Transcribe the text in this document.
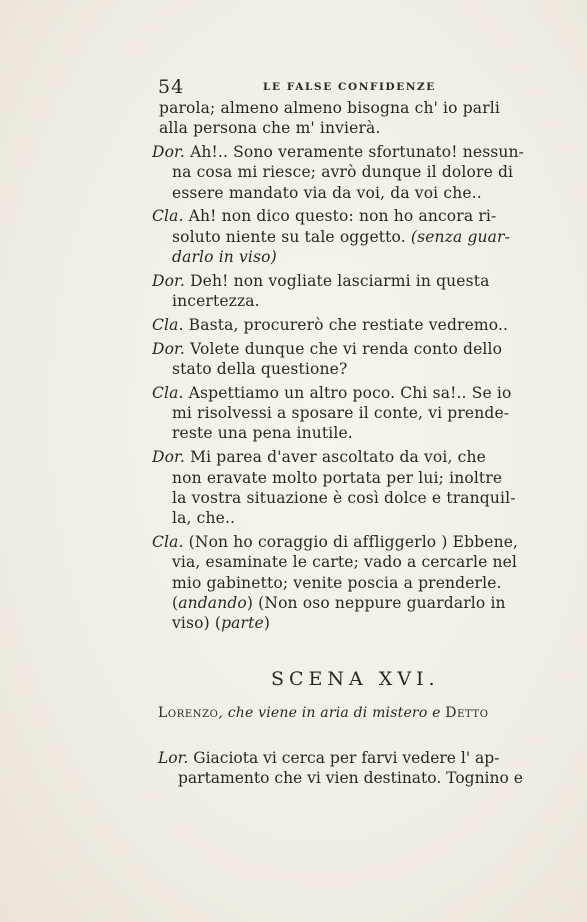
54	LE FALSE CONFIDENZE
parola; almeno almeno bisogna ch' io parli
alla persona che m' invierà.
Dor. Ah!.. Sono veramente sfortunato! nessun-
na cosa mi riesce; avrò dunque il dolore di
essere mandato via da voi, da voi che..
Cla. Ah! non dico questo: non ho ancora ri-
soluto niente su tale oggetto. (senza guar-
darlo in viso)
Dor. Deh! non vogliate lasciarmi in questa
incertezza.
Cla. Basta, procurerò che restiate vedremo..
Dor. Volete dunque che vi renda conto dello
stato della questione?
Cla. Aspettiamo un altro poco. Chi sa!.. Se io
mi risolvessi a sposare il conte, vi prende-
reste una pena inutile.
Dor. Mi parea d'aver ascoltato da voi, che
non eravate molto portata per lui; inoltre
la vostra situazione è così dolce e tranquil-
la, che..
Cla. (Non ho coraggio di affliggerlo ) Ebbene,
via, esaminate le carte; vado a cercarle nel
mio gabinetto; venite poscia a prenderle.
(andando) (Non oso neppure guardarlo in
viso) (parte)
SCENA XVI.
Lorenzo, che viene in aria di mistero e Detto
Lor. Giaciota vi cerca per farvi vedere l' ap-
partamento che vi vien destinato. Tognino e
